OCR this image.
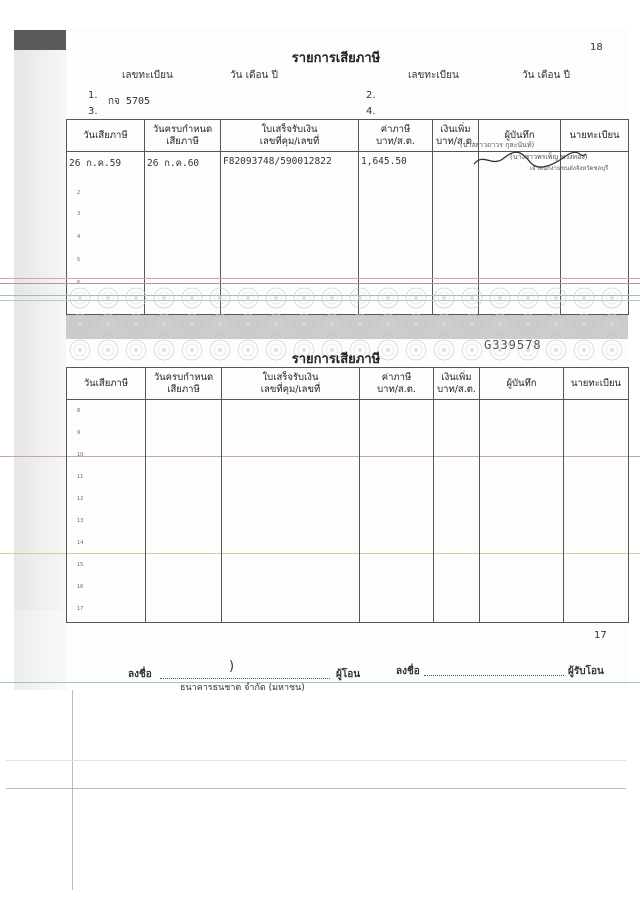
18
รายการเสียภาษี
เลขทะเบียน	วัน เดือน ปี	เลขทะเบียน	วัน เดือน ปี
1.
กจ 5705
2.
3.	4.
วันเสียภาษี	วันครบกำหนด
เสียภาษี	ใบเสร็จรับเงิน
เลขที่คุม/เลขที่	ค่าภาษี
บาท/ส.ต.	เงินเพิ่ม
บาท/ส.ต.	ผู้บันทึก	นายทะเบียน

26 ก.ค.59	26 ก.ค.60	F82093748/590012822	1,645.50			

(นางสาวถาวร กุละนันท์)
(นางสาวพรเพ็ญ พวงทอง)
เจ้าพนักงานขนส่งจังหวัดชลบุรี
2
3
4
5
G339578
รายการเสียภาษี
วันเสียภาษี	วันครบกำหนด
เสียภาษี	ใบเสร็จรับเงิน
เลขที่คุม/เลขที่	ค่าภาษี
บาท/ส.ต.	เงินเพิ่ม
บาท/ส.ต.	ผู้บันทึก	นายทะเบียน

8
9
10
11
12
13
14
15
16
17
17
ลงชื่อ
)
ผู้โอน
ธนาคารธนชาต จำกัด (มหาชน)
ลงชื่อ	ผู้รับโอน
